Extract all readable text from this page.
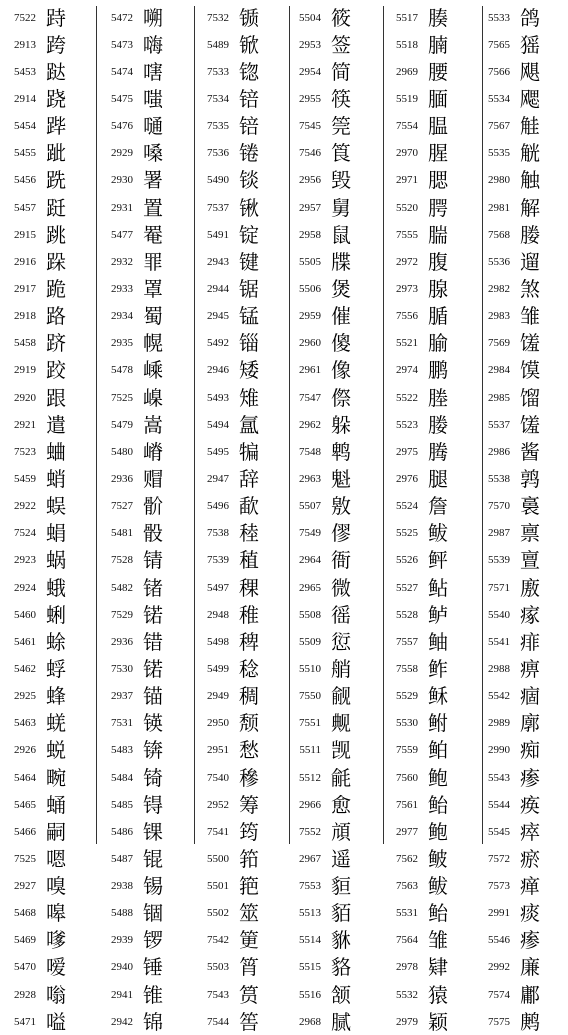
7522 跱
2913 跨
5453 跶
2914 跷
5454 跸
5455 跐
5456 跣
5457 跹
2915 跳
2916 跺
2917 跪
2918 路
5458 跻
2919 跤
2920 跟
2921 遣
7523 蛐
5459 蛸
2922 蜈
7524 蜎
2923 蜗
2924 蛾
5460 蜊
5461 蜍
5462 蜉
2925 蜂
5463 蜣
2926 蜕
5464 畹
5465 蛹
5466 嗣
7525 嗯
2927 嗅
5468 嗥
5469 嗲
5470 嗳
2928 嗡
5471 嗌
5472 嗍
5473 嗨
5474 嗐
5475 嗤
5476 嗵
2929 嗓
2930 署
2931 置
5477 罨
2932 罪
2933 罩
2934 蜀
2935 幌
5478 嵊
7525 嵲
5479 嵩
5480 嵴
2936 赗
7527 骱
5481 骰
7528 锖
5482 锗
7529 锘
2936 错
7530 锘
2937 锚
7531 锳
5483 锛
5484 锜
5485 锝
5486 锞
5487 锟
2938 锡
5488 锢
2939 锣
2940 锤
2941 锥
2942 锦
7532 锧
5489 锨
7533 锪
7534 锫
7535 锫
7536 锩
5490 锬
7537 锹
5491 锭
2943 键
2944 锯
2945 锰
5492 锱
2946 矮
5493 雉
5494 氲
5495 犏
2947 辞
5496 歃
7538 稑
7539 稙
5497 稞
2948 稚
5498 稗
5499 稔
2949 稠
2950 颓
2951 愁
7540 穇
2952 筹
7541 筠
5500 筘
5501 筢
5502 筮
7542 筻
5503 筲
7543 筼
7544 筶
5504 筱
2953 签
2954 简
2955 筷
7545 筦
7546 筤
2956 毁
2957 舅
2958 鼠
5505 牒
5506 煲
2959 催
2960 傻
2961 像
7547 傺
2962 躲
7548 鹎
2963 魁
5507 敫
7549 僇
2964 衙
2965 微
5508 徭
5509 愆
5510 艄
7550 觎
7551 觍
5511 觊
5512 毹
2966 愈
7552 頏
2967 遥
7553 貆
5513 貊
5514 貅
5515 貉
5516 颔
2968 腻
5517 腠
5518 腩
2969 腰
5519 腼
7554 腽
2970 腥
2971 腮
5520 腭
7555 腨
2972 腹
2973 腺
7556 腯
5521 腧
2974 鹏
5522 塍
5523 媵
2975 腾
2976 腿
5524 詹
5525 鲅
5526 鲆
5527 鲇
5528 鲈
7557 鲉
7558 鲊
5529 稣
5530 鲋
7559 鲌
7560 鲍
7561 鲐
2977 鲍
7562 鲏
7563 鲅
5531 鲐
7564 雏
2978 肄
5532 猿
2979 颖
5533 鸽
7565 猺
7566 飓
5534 飔
7567 觟
5535 觥
2980 触
2981 解
7568 媵
5536 遛
2982 煞
2983 雏
7569 馐
2984 馍
2985 馏
5537 馐
2986 酱
5538 鹑
7570 裛
2987 禀
5539 亶
7571 廒
5540 瘃
5541 痱
2988 痹
5542 痼
2989 廓
2990 痴
5543 瘆
5544 痪
5545 瘁
7572 瘀
7573 瘅
2991 痰
5546 瘆
2992 廉
7574 鄘
7575 鹒
